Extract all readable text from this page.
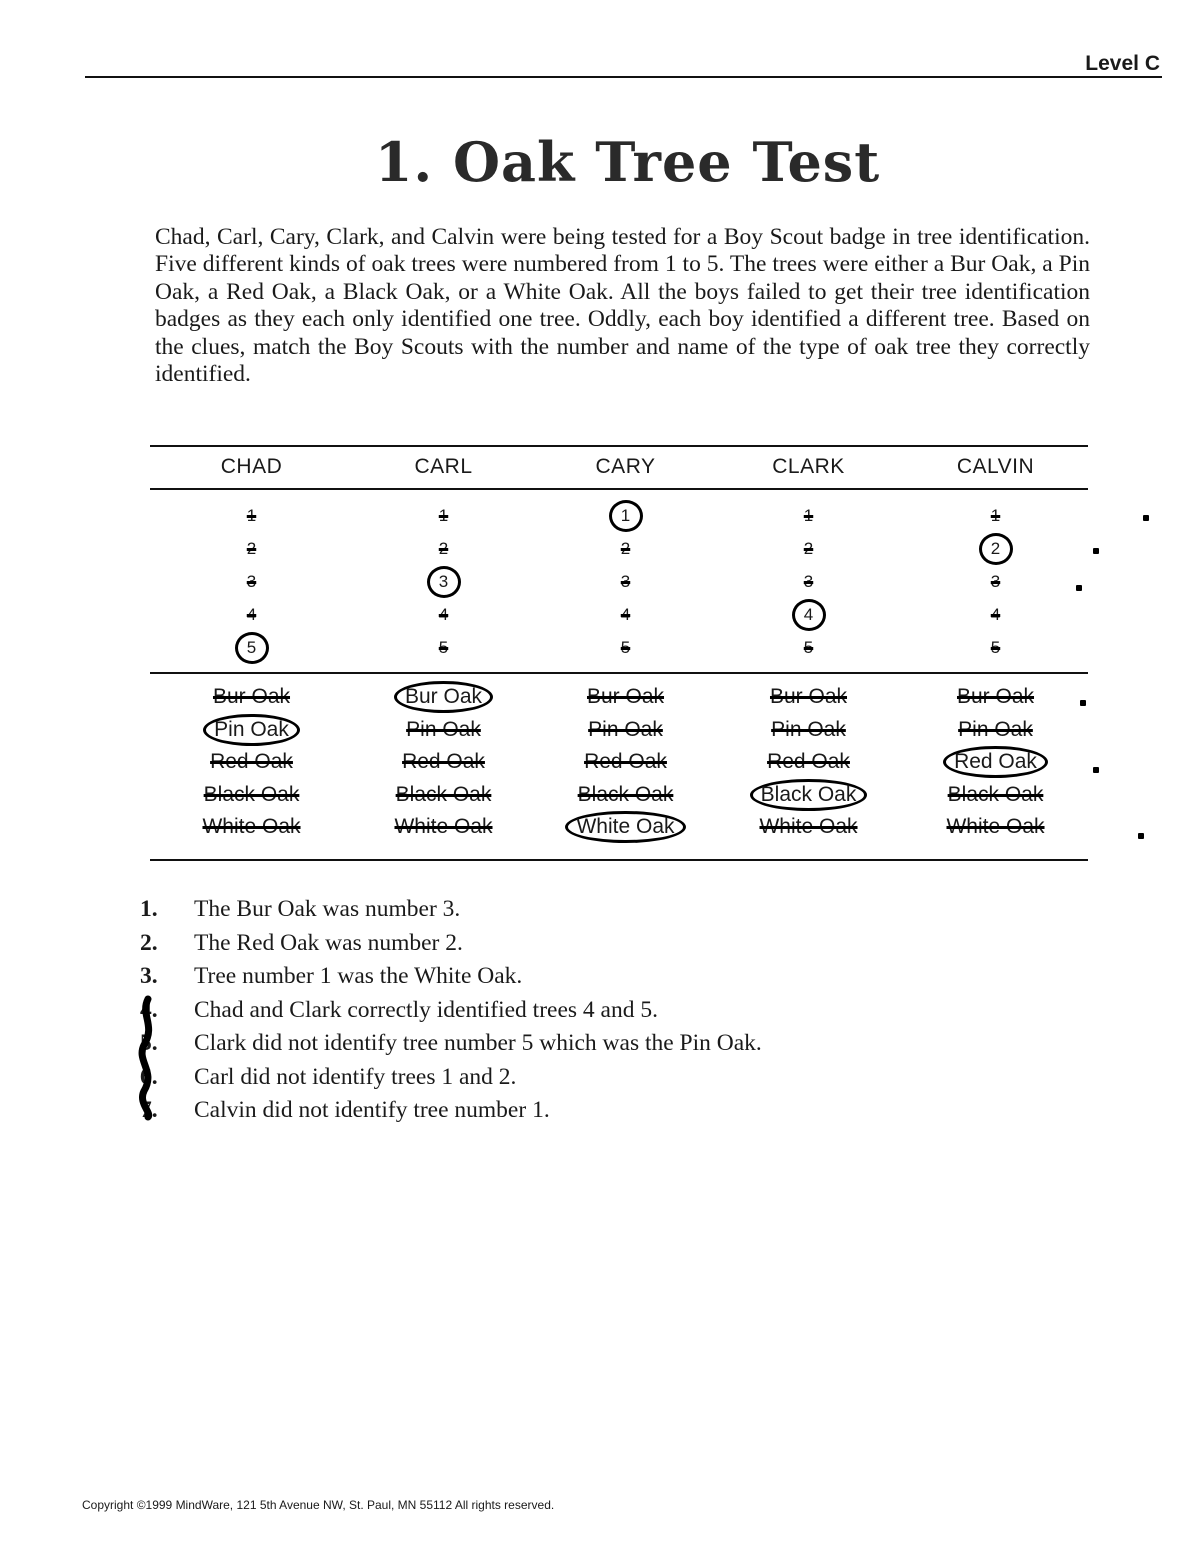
Level C
1. Oak Tree Test
Chad, Carl, Cary, Clark, and Calvin were being tested for a Boy Scout badge in tree identification. Five different kinds of oak trees were numbered from 1 to 5. The trees were either a Bur Oak, a Pin Oak, a Red Oak, a Black Oak, or a White Oak. All the boys failed to get their tree identification badges as they each only identified one tree. Oddly, each boy identified a different tree. Based on the clues, match the Boy Scouts with the number and name of the type of oak tree they correctly identified.
CHAD
1
2
3
4
5
Bur Oak
Pin Oak
Red Oak
Black Oak
White Oak
CARL
1
2
3
4
5
Bur Oak
Pin Oak
Red Oak
Black Oak
White Oak
CARY
1
2
3
4
5
Bur Oak
Pin Oak
Red Oak
Black Oak
White Oak
CLARK
1
2
3
4
5
Bur Oak
Pin Oak
Red Oak
Black Oak
White Oak
CALVIN
1
2
3
4
5
Bur Oak
Pin Oak
Red Oak
Black Oak
White Oak
1. The Bur Oak was number 3.
2. The Red Oak was number 2.
3. Tree number 1 was the White Oak.
4. Chad and Clark correctly identified trees 4 and 5.
5. Clark did not identify tree number 5 which was the Pin Oak.
6. Carl did not identify trees 1 and 2.
7. Calvin did not identify tree number 1.
Copyright ©1999 MindWare, 121 5th Avenue NW, St. Paul, MN 55112 All rights reserved.
